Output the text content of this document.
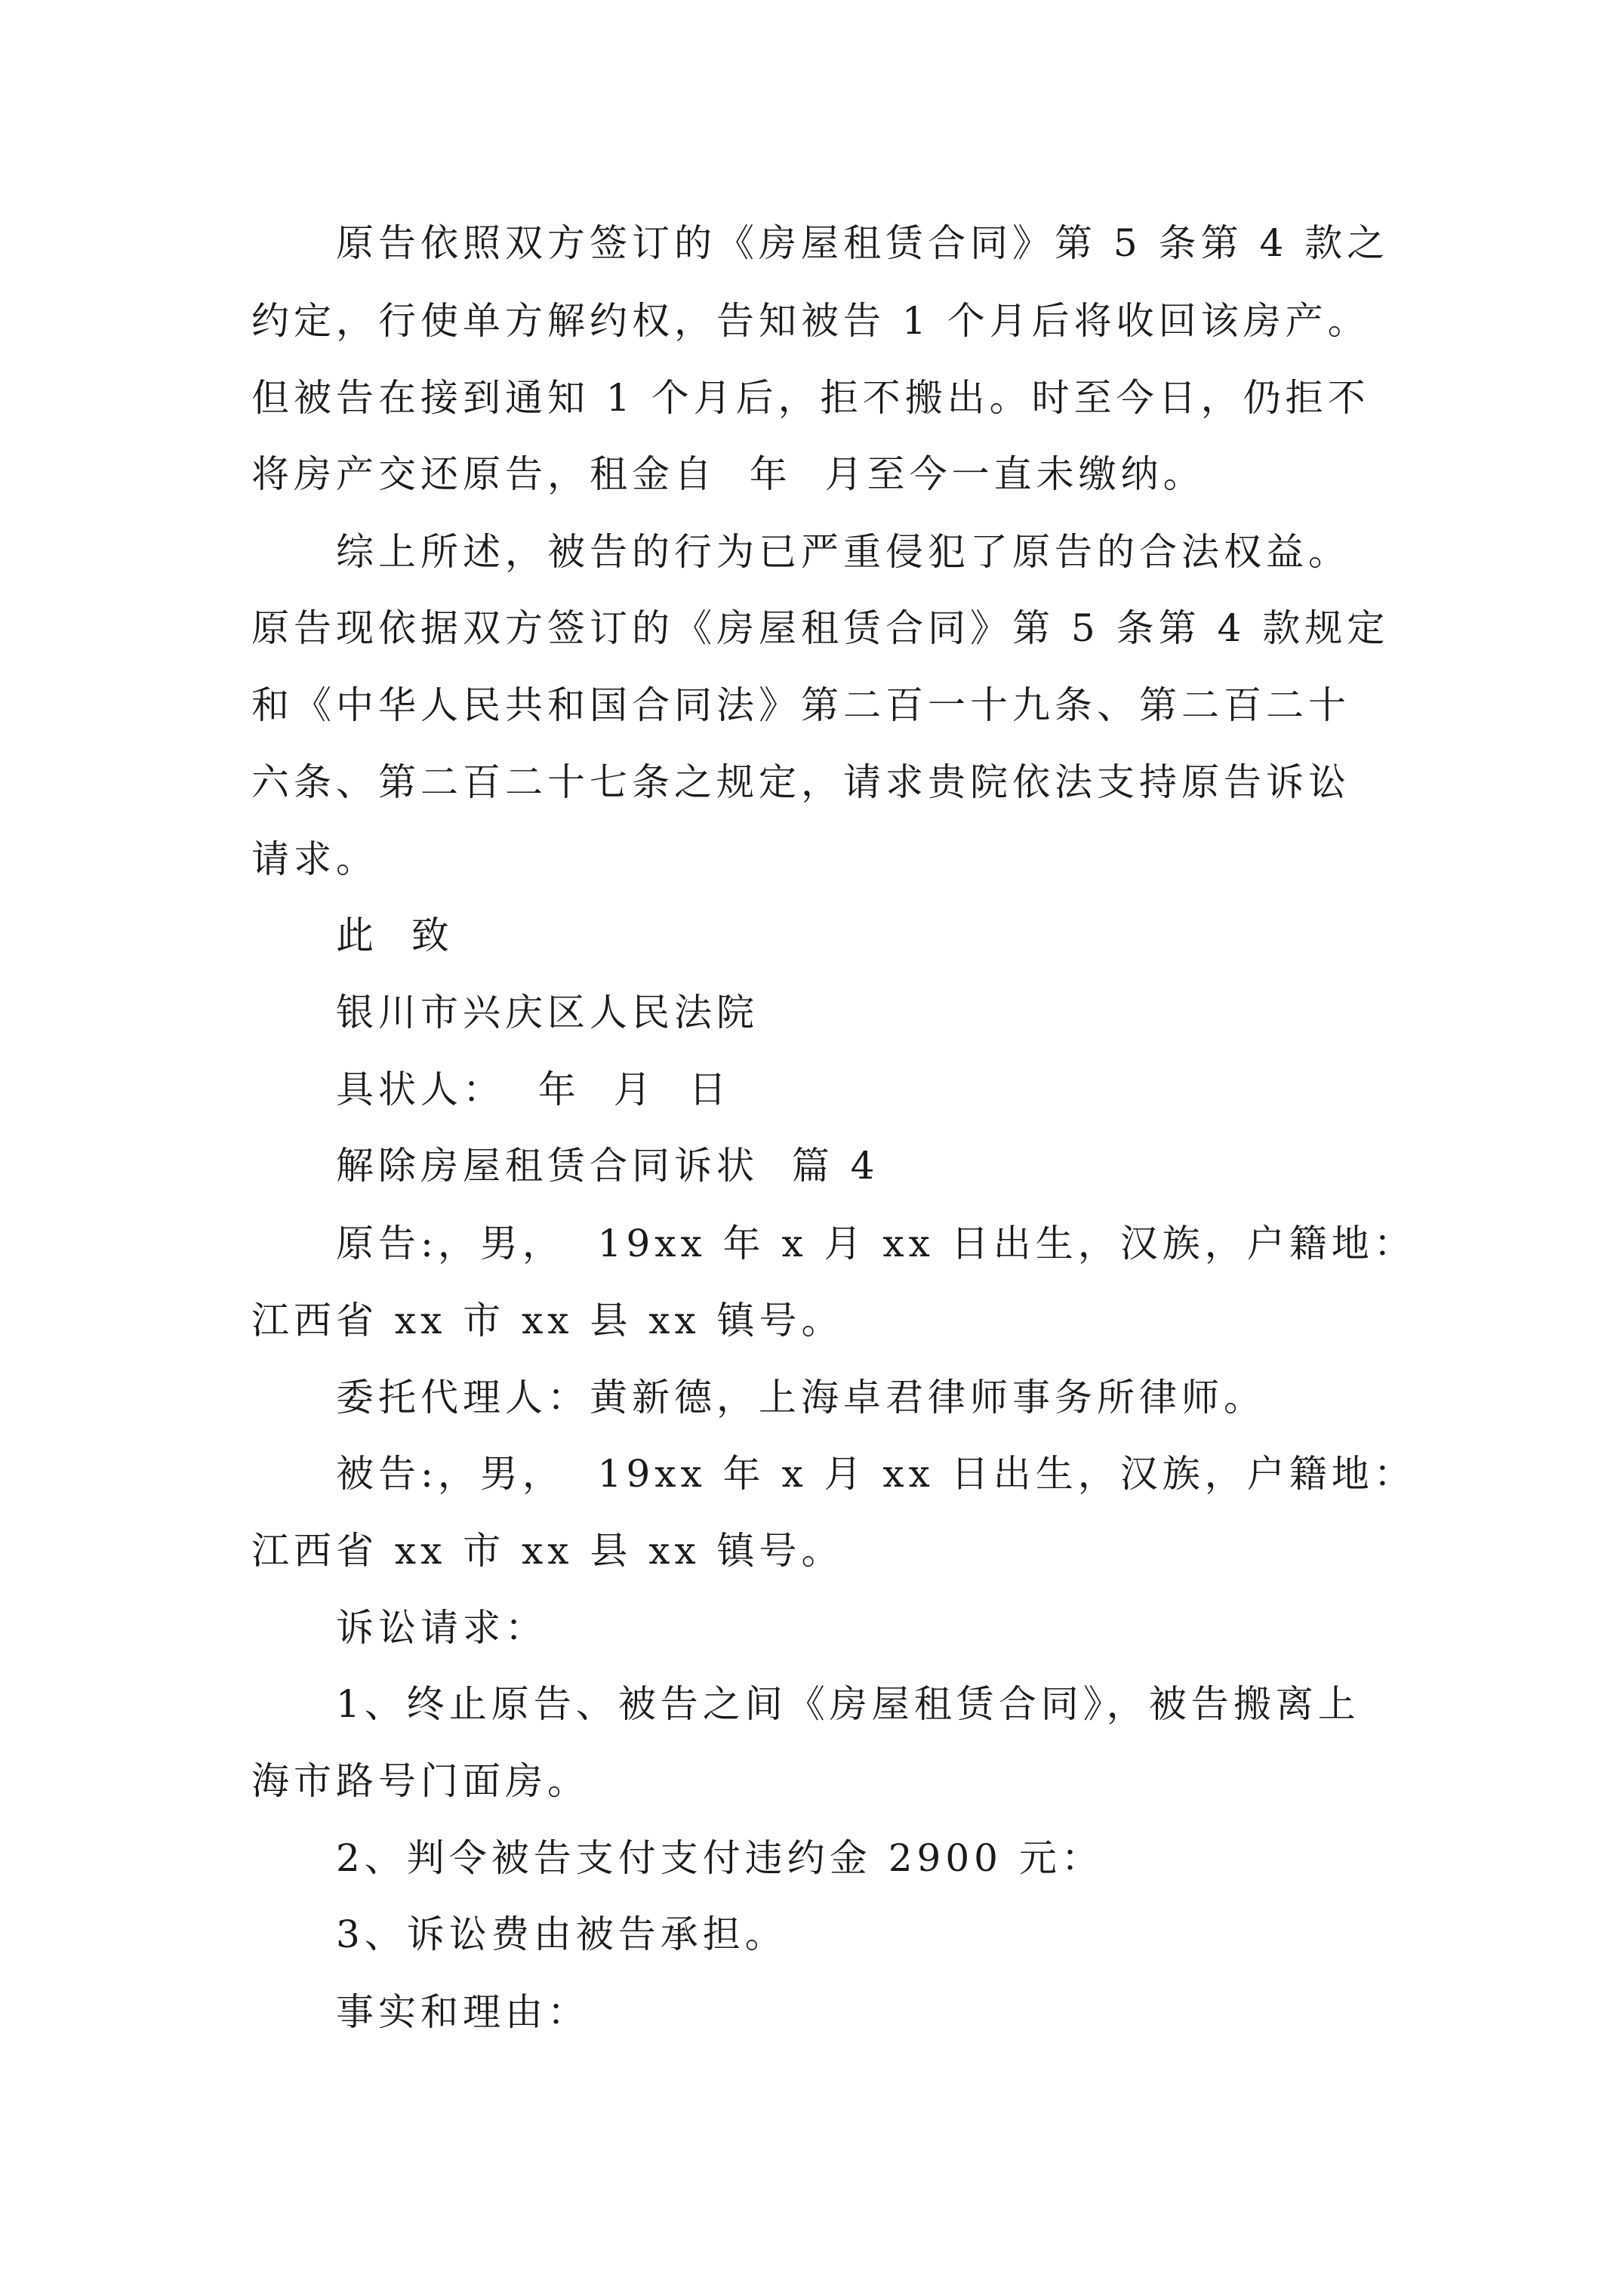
原告依照双方签订的《房屋租赁合同》第 5 条第 4 款之
约定，行使单方解约权，告知被告 1 个月后将收回该房产。
但被告在接到通知 1 个月后，拒不搬出。时至今日，仍拒不
将房产交还原告，租金自  年  月至今一直未缴纳。
综上所述，被告的行为已严重侵犯了原告的合法权益。
原告现依据双方签订的《房屋租赁合同》第 5 条第 4 款规定
和《中华人民共和国合同法》第二百一十九条、第二百二十
六条、第二百二十七条之规定，请求贵院依法支持原告诉讼
请求。
此  致
银川市兴庆区人民法院
具状人：  年  月  日
解除房屋租赁合同诉状  篇 4
原告:，男，  19xx 年 x 月 xx 日出生，汉族，户籍地：
江西省 xx 市 xx 县 xx 镇号。
委托代理人：黄新德，上海卓君律师事务所律师。
被告:，男，  19xx 年 x 月 xx 日出生，汉族，户籍地：
江西省 xx 市 xx 县 xx 镇号。
诉讼请求：
1、终止原告、被告之间《房屋租赁合同》，被告搬离上
海市路号门面房。
2、判令被告支付支付违约金 2900 元：
3、诉讼费由被告承担。
事实和理由：
